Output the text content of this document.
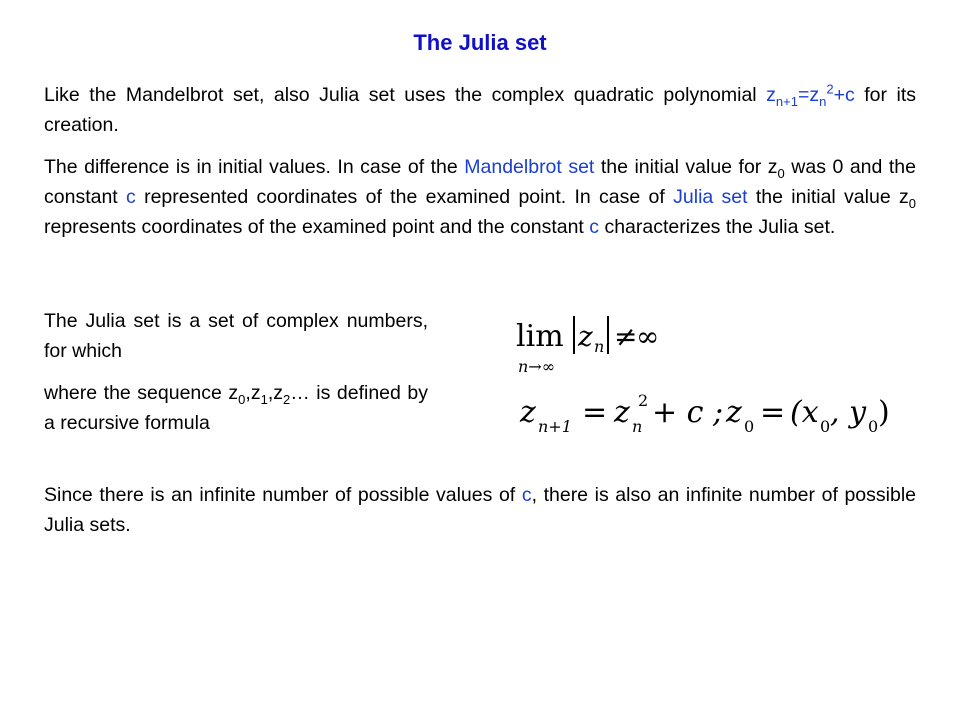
The Julia set
Like the Mandelbrot set, also Julia set uses the complex quadratic polynomial $z_{n+1}=z_n^2+c$ for its creation.
The difference is in initial values. In case of the Mandelbrot set the initial value for $z_0$ was 0 and the constant c represented coordinates of the examined point. In case of Julia set the initial value $z_0$ represents coordinates of the examined point and the constant c characterizes the Julia set.
The Julia set is a set of complex numbers, for which
where the sequence $z_0,z_1,z_2\dots$ is defined by a recursive formula
lim z n ≠
∞
n→∞
z n+1 = z n
2 + c ; z 0 = (x 0 , y 0 )
Since there is an infinite number of possible values of c, there is also an infinite number of possible Julia sets.
